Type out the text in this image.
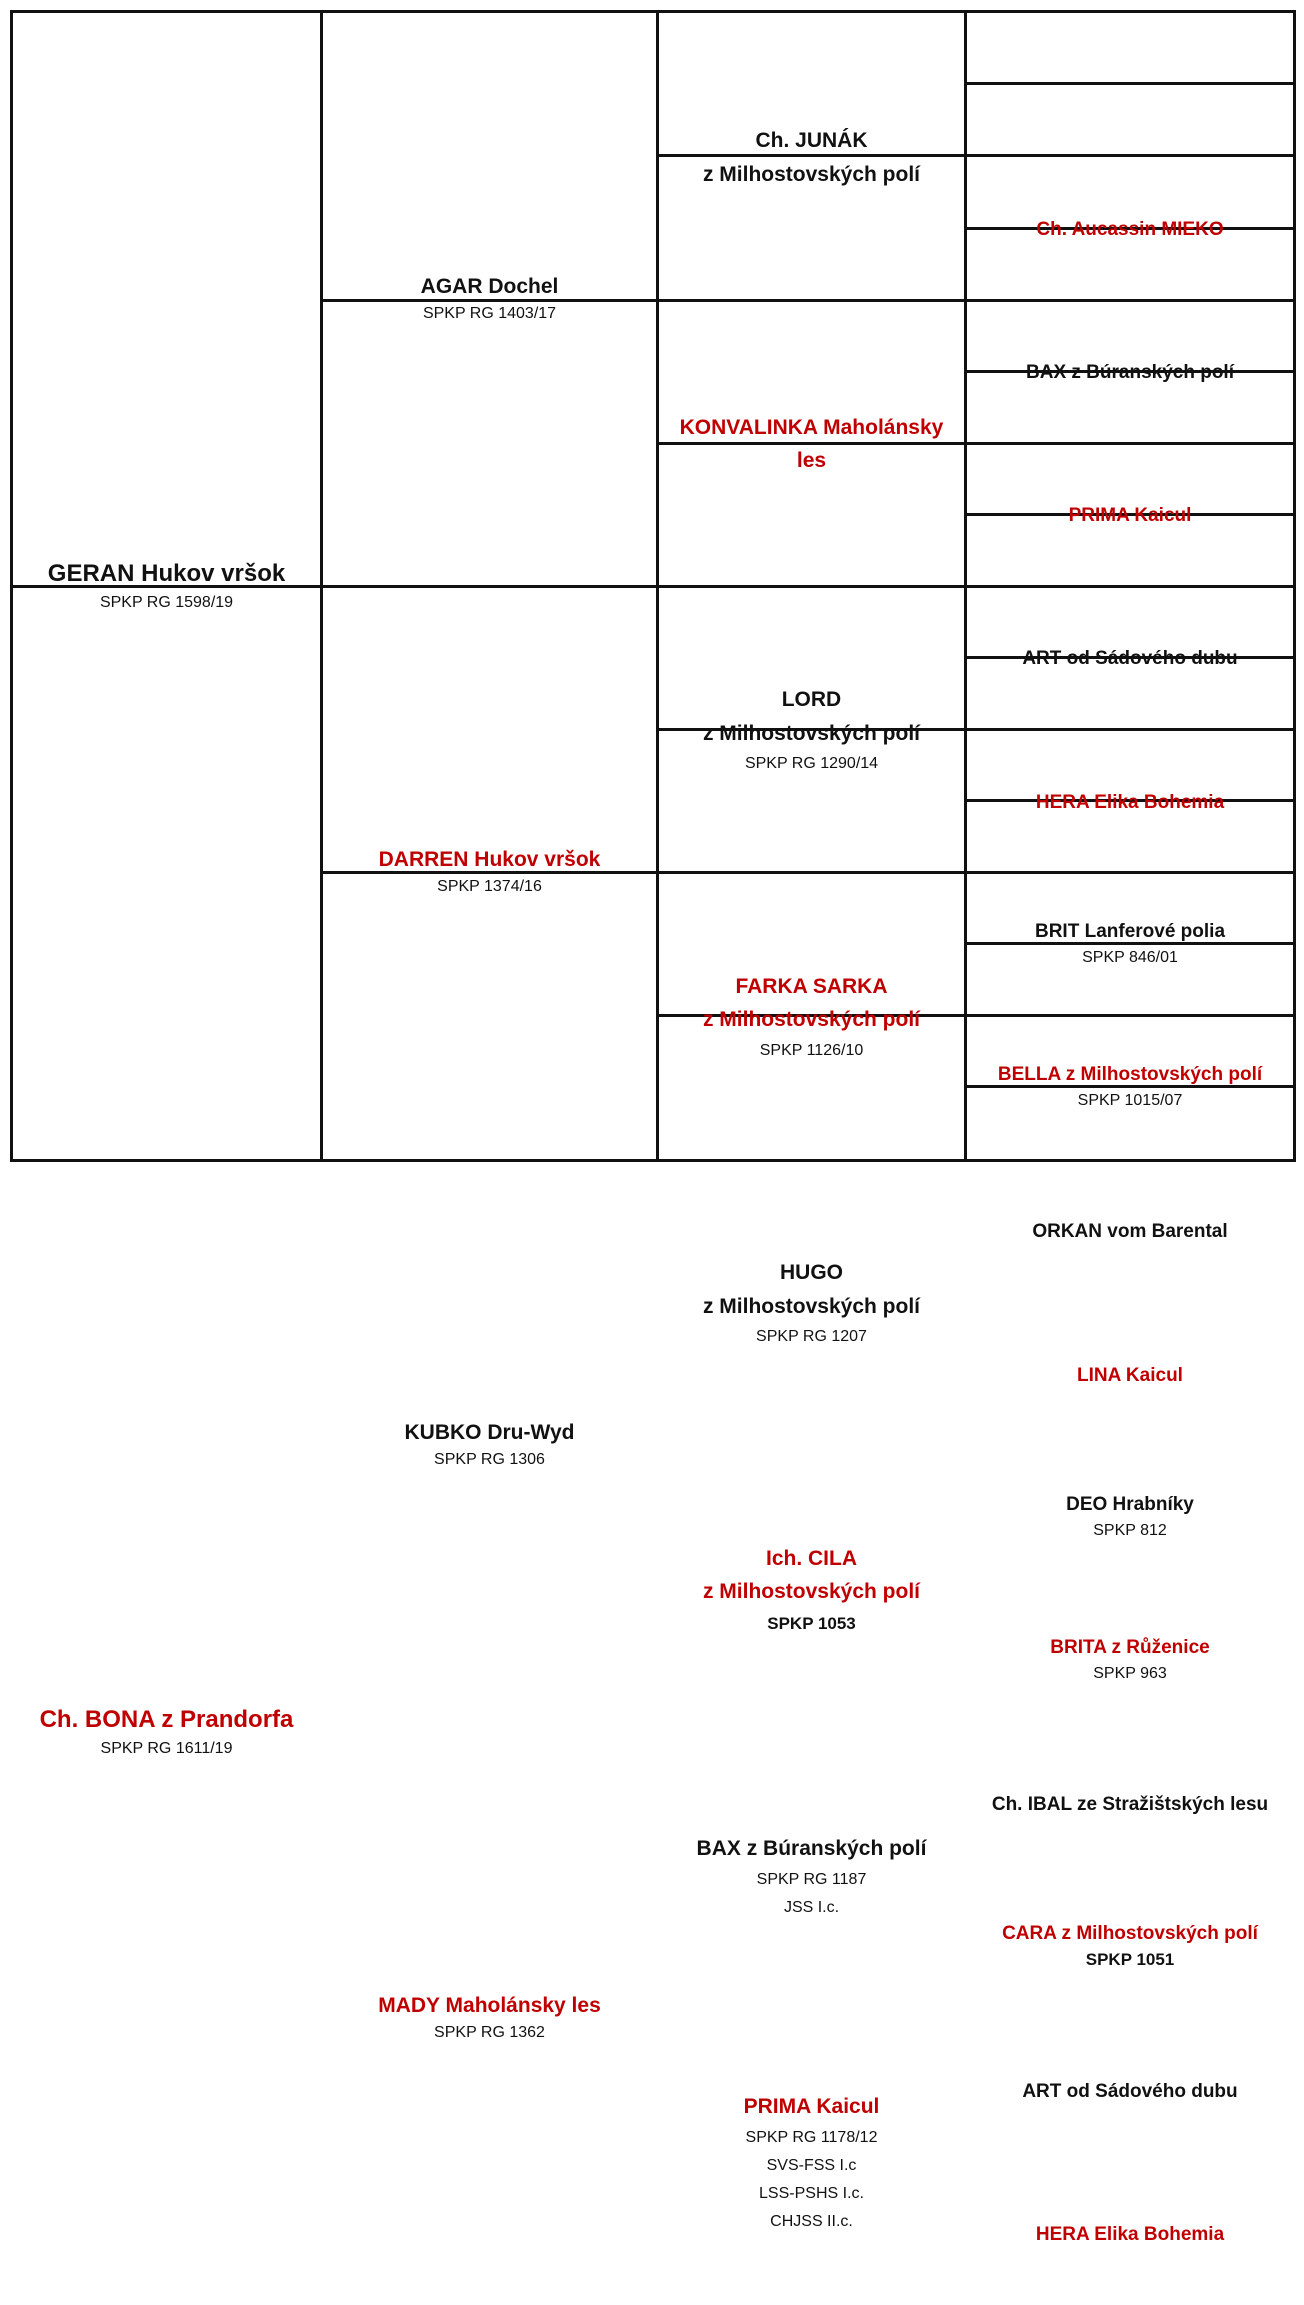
GERAN Hukov vršok
SPKP RG 1598/19
Ch. BONA z Prandorfa
SPKP RG 1611/19
AGAR Dochel
SPKP RG 1403/17
DARREN Hukov vršok
SPKP 1374/16
KUBKO Dru-Wyd
SPKP RG 1306
MADY Maholánsky les
SPKP RG 1362
Ch. JUNÁK
z Milhostovských polí
KONVALINKA Maholánsky les
LORD
z Milhostovských polí
SPKP RG 1290/14
FARKA SARKA
z Milhostovských polí
SPKP 1126/10
HUGO
z Milhostovských polí
SPKP RG 1207
Ich. CILA
z Milhostovských polí
SPKP 1053
BAX z Búranských polí
SPKP RG 1187
JSS I.c.
PRIMA Kaicul
SPKP RG 1178/12
SVS-FSS I.c
LSS-PSHS I.c.
CHJSS II.c.
Ch. Aucassin MIEKO
BAX z Búranských polí
PRIMA Kaicul
ART od Sádového dubu
HERA Elika Bohemia
BRIT Lanferové polia
SPKP 846/01
BELLA z Milhostovských polí
SPKP 1015/07
ORKAN vom Barental
LINA Kaicul
DEO Hrabníky
SPKP 812
BRITA z Růženice
SPKP 963
Ch. IBAL ze Stražištských lesu
CARA z Milhostovských polí
SPKP 1051
ART od Sádového dubu
HERA Elika Bohemia
